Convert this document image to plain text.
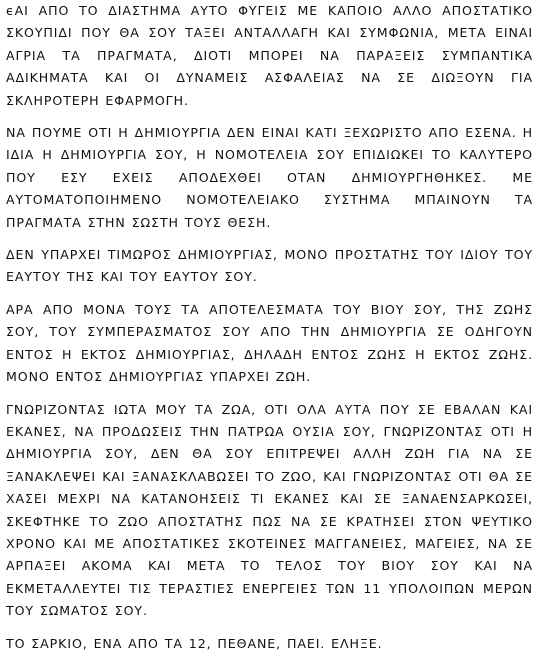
ϵΑΙ ΑΠΟ ΤΟ ΔΙΑΣΤΗΜΑ ΑΥΤΟ ΦΥΓΕΙΣ ΜΕ ΚΑΠΟΙΟ ΑΛΛΟ ΑΠΟΣΤΑΤΙΚΟ ΣΚΟΥΠΙΔΙ ΠΟΥ ΘΑ ΣΟΥ ΤΑΞΕΙ ΑΝΤΑΛΛΑΓΗ ΚΑΙ ΣΥΜΦΩΝΙΑ, ΜΕΤΑ ΕΙΝΑΙ ΑΓΡΙΑ ΤΑ ΠΡΑΓΜΑΤΑ, ΔΙΟΤΙ ΜΠΟΡΕΙ ΝΑ ΠΑΡΑΞΕΙΣ ΣΥΜΠΑΝΤΙΚΑ ΑΔΙΚΗΜΑΤΑ ΚΑΙ ΟΙ ΔΥΝΑΜΕΙΣ ΑΣΦΑΛΕΙΑΣ ΝΑ ΣΕ ΔΙΩΞΟΥΝ ΓΙΑ ΣΚΛΗΡΟΤΕΡΗ ΕΦΑΡΜΟΓΗ.

ΝΑ ΠΟΥΜΕ ΟΤΙ Η ΔΗΜΙΟΥΡΓΙΑ ΔΕΝ ΕΙΝΑΙ ΚΑΤΙ ΞΕΧΩΡΙΣΤΟ ΑΠΟ ΕΣΕΝΑ. Η ΙΔΙΑ Η ΔΗΜΙΟΥΡΓΙΑ ΣΟΥ, Η ΝΟΜΟΤΕΛΕΙΑ ΣΟΥ ΕΠΙΔΙΩΚΕΙ ΤΟ ΚΑΛΥΤΕΡΟ ΠΟΥ ΕΣΥ ΕΧΕΙΣ ΑΠΟΔΕΧΘΕΙ ΟΤΑΝ ΔΗΜΙΟΥΡΓΗΘΗΚΕΣ. ΜΕ ΑΥΤΟΜΑΤΟΠΟΙΗΜΕΝΟ ΝΟΜΟΤΕΛΕΙΑΚΟ ΣΥΣΤΗΜΑ ΜΠΑΙΝΟΥΝ ΤΑ ΠΡΑΓΜΑΤΑ ΣΤΗΝ ΣΩΣΤΗ ΤΟΥΣ ΘΕΣΗ.

ΔΕΝ ΥΠΑΡΧΕΙ ΤΙΜΩΡΟΣ ΔΗΜΙΟΥΡΓΙΑΣ, ΜΟΝΟ ΠΡΟΣΤΑΤΗΣ ΤΟΥ ΙΔΙΟΥ ΤΟΥ ΕΑΥΤΟΥ ΤΗΣ ΚΑΙ ΤΟΥ ΕΑΥΤΟΥ ΣΟΥ.

ΑΡΑ ΑΠΟ ΜΟΝΑ ΤΟΥΣ ΤΑ ΑΠΟΤΕΛΕΣΜΑΤΑ ΤΟΥ ΒΙΟΥ ΣΟΥ, ΤΗΣ ΖΩΗΣ ΣΟΥ, ΤΟΥ ΣΥΜΠΕΡΑΣΜΑΤΟΣ ΣΟΥ ΑΠΟ ΤΗΝ ΔΗΜΙΟΥΡΓΙΑ ΣΕ ΟΔΗΓΟΥΝ ΕΝΤΟΣ Η ΕΚΤΟΣ ΔΗΜΙΟΥΡΓΙΑΣ, ΔΗΛΑΔΗ ΕΝΤΟΣ ΖΩΗΣ Η ΕΚΤΟΣ ΖΩΗΣ. ΜΟΝΟ ΕΝΤΟΣ ΔΗΜΙΟΥΡΓΙΑΣ ΥΠΑΡΧΕΙ ΖΩΗ.

ΓΝΩΡΙΖΟΝΤΑΣ ΙΩΤΑ ΜΟΥ ΤΑ ΖΩΑ, ΟΤΙ ΟΛΑ ΑΥΤΑ ΠΟΥ ΣΕ ΕΒΑΛΑΝ ΚΑΙ ΕΚΑΝΕΣ, ΝΑ ΠΡΟΔΩΣΕΙΣ ΤΗΝ ΠΑΤΡΩΑ ΟΥΣΙΑ ΣΟΥ, ΓΝΩΡΙΖΟΝΤΑΣ ΟΤΙ Η ΔΗΜΙΟΥΡΓΙΑ ΣΟΥ, ΔΕΝ ΘΑ ΣΟΥ ΕΠΙΤΡΕΨΕΙ ΑΛΛΗ ΖΩΗ ΓΙΑ ΝΑ ΣΕ ΞΑΝΑΚΛΕΨΕΙ ΚΑΙ ΞΑΝΑΣΚΛΑΒΩΣΕΙ ΤΟ ΖΩΟ, ΚΑΙ ΓΝΩΡΙΖΟΝΤΑΣ ΟΤΙ ΘΑ ΣΕ ΧΑΣΕΙ ΜΕΧΡΙ ΝΑ ΚΑΤΑΝΟΗΣΕΙΣ ΤΙ ΕΚΑΝΕΣ ΚΑΙ ΣΕ ΞΑΝΑΕΝΣΑΡΚΩΣΕΙ, ΣΚΕΦΤΗΚΕ ΤΟ ΖΩΟ ΑΠΟΣΤΑΤΗΣ ΠΩΣ ΝΑ ΣΕ ΚΡΑΤΗΣΕΙ ΣΤΟΝ ΨΕΥΤΙΚΟ ΧΡΟΝΟ ΚΑΙ ΜΕ ΑΠΟΣΤΑΤΙΚΕΣ ΣΚΟΤΕΙΝΕΣ ΜΑΓΓΑΝΕΙΕΣ, ΜΑΓΕΙΕΣ, ΝΑ ΣΕ ΑΡΠΑΞΕΙ ΑΚΟΜΑ ΚΑΙ ΜΕΤΑ ΤΟ ΤΕΛΟΣ ΤΟΥ ΒΙΟΥ ΣΟΥ ΚΑΙ ΝΑ ΕΚΜΕΤΑΛΛΕΥΤΕΙ ΤΙΣ ΤΕΡΑΣΤΙΕΣ ΕΝΕΡΓΕΙΕΣ ΤΩΝ 11 ΥΠΟΛΟΙΠΩΝ ΜΕΡΩΝ ΤΟΥ ΣΩΜΑΤΟΣ ΣΟΥ.

ΤΟ ΣΑΡΚΙΟ, ΕΝΑ ΑΠΟ ΤΑ 12, ΠΕΘΑΝΕ, ΠΑΕΙ. ΕΛΗΞΕ.
